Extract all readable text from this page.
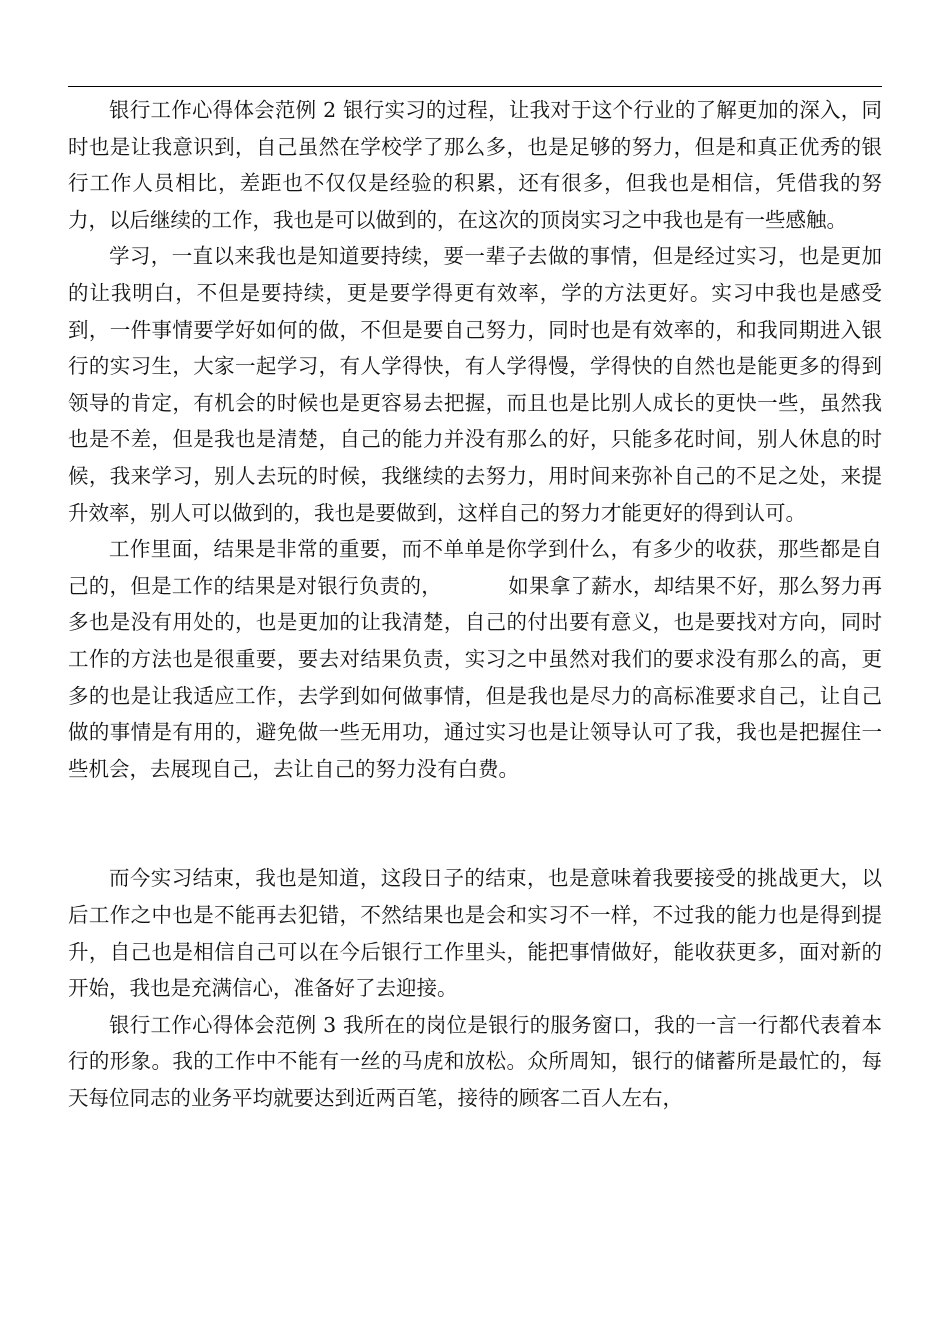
银行工作心得体会范例 2 银行实习的过程，让我对于这个行业的了解更加的深入，同时也是让我意识到，自己虽然在学校学了那么多，也是足够的努力，但是和真正优秀的银行工作人员相比，差距也不仅仅是经验的积累，还有很多，但我也是相信，凭借我的努力，以后继续的工作，我也是可以做到的，在这次的顶岗实习之中我也是有一些感触。

学习，一直以来我也是知道要持续，要一辈子去做的事情，但是经过实习，也是更加的让我明白，不但是要持续，更是要学得更有效率，学的方法更好。实习中我也是感受到，一件事情要学好如何的做，不但是要自己努力，同时也是有效率的，和我同期进入银行的实习生，大家一起学习，有人学得快，有人学得慢，学得快的自然也是能更多的得到领导的肯定，有机会的时候也是更容易去把握，而且也是比别人成长的更快一些，虽然我也是不差，但是我也是清楚，自己的能力并没有那么的好，只能多花时间，别人休息的时候，我来学习，别人去玩的时候，我继续的去努力，用时间来弥补自己的不足之处，来提升效率，别人可以做到的，我也是要做到，这样自己的努力才能更好的得到认可。

工作里面，结果是非常的重要，而不单单是你学到什么，有多少的收获，那些都是自己的，但是工作的结果是对银行负责的，	如果拿了薪水，却结果不好，那么努力再多也是没有用处的，也是更加的让我清楚，自己的付出要有意义，也是要找对方向，同时工作的方法也是很重要，要去对结果负责，实习之中虽然对我们的要求没有那么的高，更多的也是让我适应工作，去学到如何做事情，但是我也是尽力的高标准要求自己，让自己做的事情是有用的，避免做一些无用功，通过实习也是让领导认可了我，我也是把握住一些机会，去展现自己，去让自己的努力没有白费。

而今实习结束，我也是知道，这段日子的结束，也是意味着我要接受的挑战更大，以后工作之中也是不能再去犯错，不然结果也是会和实习不一样，不过我的能力也是得到提升，自己也是相信自己可以在今后银行工作里头，能把事情做好，能收获更多，面对新的开始，我也是充满信心，准备好了去迎接。

银行工作心得体会范例 3 我所在的岗位是银行的服务窗口，我的一言一行都代表着本行的形象。我的工作中不能有一丝的马虎和放松。众所周知，银行的储蓄所是最忙的，每天每位同志的业务平均就要达到近两百笔，接待的顾客二百人左右，
